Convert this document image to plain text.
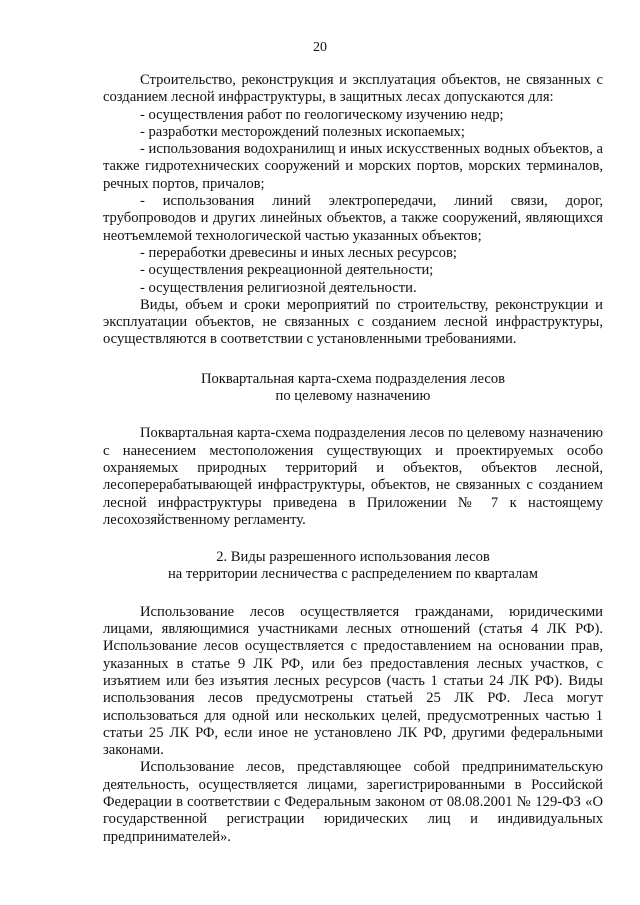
20

Строительство, реконструкция и эксплуатация объектов, не связанных с созданием лесной инфраструктуры, в защитных лесах допускаются для:

- осуществления работ по геологическому изучению недр;

- разработки месторождений полезных ископаемых;

- использования водохранилищ и иных искусственных водных объектов, а также гидротехнических сооружений и морских портов, морских терминалов, речных портов, причалов;

- использования линий электропередачи, линий связи, дорог, трубопроводов и других линейных объектов, а также сооружений, являющихся неотъемлемой технологической частью указанных объектов;

- переработки древесины и иных лесных ресурсов;

- осуществления рекреационной деятельности;

- осуществления религиозной деятельности.

Виды, объем и сроки мероприятий по строительству, реконструкции и эксплуатации объектов, не связанных с созданием лесной инфраструктуры, осуществляются в соответствии с установленными требованиями.

Поквартальная карта-схема подразделения лесов

по целевому назначению

Поквартальная карта-схема подразделения лесов по целевому назначению с нанесением местоположения существующих и проектируемых особо охраняемых природных территорий и объектов, объектов лесной, лесоперерабатывающей инфраструктуры, объектов, не связанных с созданием лесной инфраструктуры приведена в Приложении № 7 к настоящему лесохозяйственному регламенту.

2. Виды разрешенного использования лесов

на территории лесничества с распределением по кварталам

Использование лесов осуществляется гражданами, юридическими лицами, являющимися участниками лесных отношений (статья 4 ЛК РФ). Использование лесов осуществляется с предоставлением на основании прав, указанных в статье 9 ЛК РФ, или без предоставления лесных участков, с изъятием или без изъятия лесных ресурсов (часть 1 статьи 24 ЛК РФ). Виды использования лесов предусмотрены статьей 25 ЛК РФ. Леса могут использоваться для одной или нескольких целей, предусмотренных частью 1 статьи 25 ЛК РФ, если иное не установлено ЛК РФ, другими федеральными законами.

Использование лесов, представляющее собой предпринимательскую деятельность, осуществляется лицами, зарегистрированными в Российской Федерации в соответствии с Федеральным законом от 08.08.2001 № 129-ФЗ «О государственной регистрации юридических лиц и индивидуальных предпринимателей».
